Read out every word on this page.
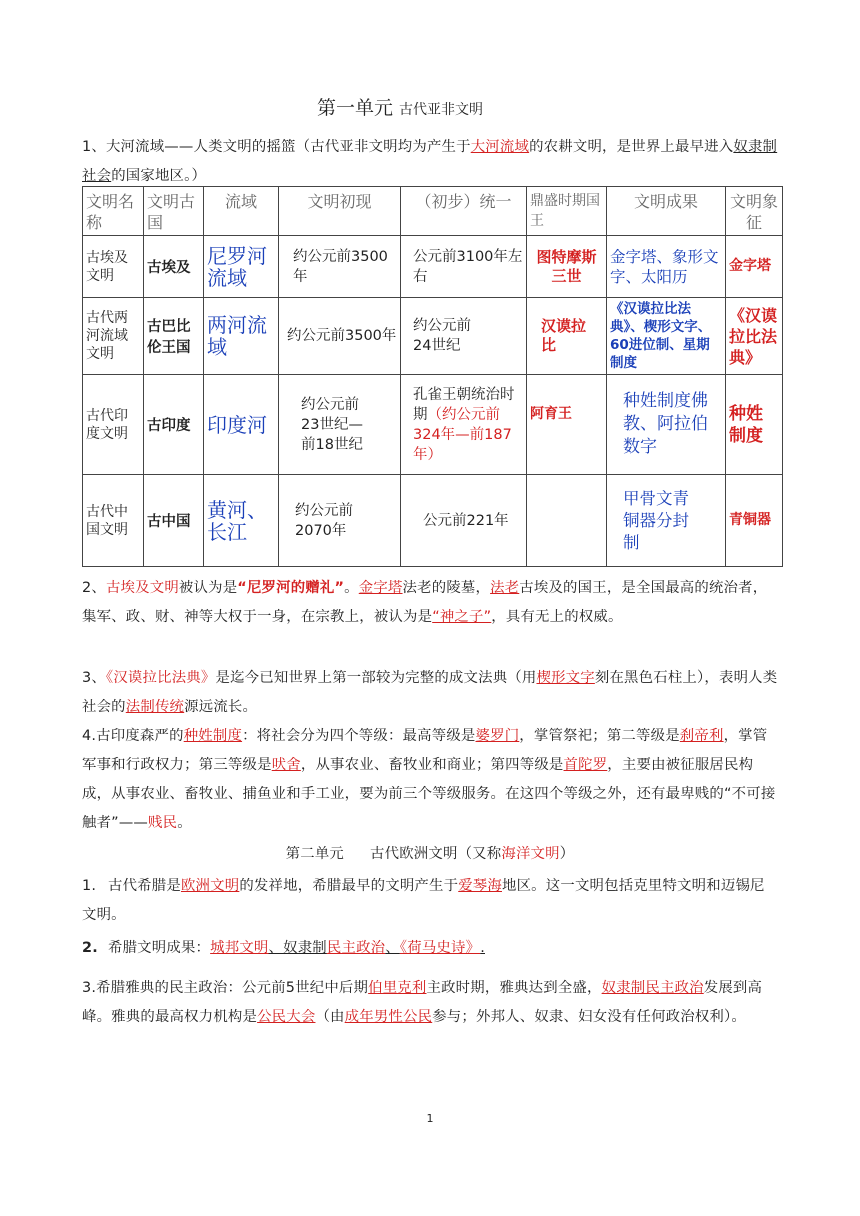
第一单元 古代亚非文明
1、大河流域——人类文明的摇篮（古代亚非文明均为产生于大河流域的农耕文明，是世界上最早进入奴隶制社会的国家地区。）
文明名称	文明古国	流域	文明初现	（初步）统一	鼎盛时期国王	文明成果	文明象征
古埃及文明	古埃及	尼罗河流域	约公元前3500年	公元前3100年左右	图特摩斯三世	金字塔、象形文字、太阳历	金字塔
古代两河流域文明	古巴比伦王国	两河流域	约公元前3500年	约公元前24世纪	汉谟拉比	《汉谟拉比法典》、楔形文字、60进位制、星期制度	《汉谟拉比法典》
古代印度文明	古印度	印度河	约公元前23世纪—前18世纪	孔雀王朝统治时期（约公元前324年—前187年）	阿育王	种姓制度佛教、阿拉伯数字	种姓制度
古代中国文明	古中国	黄河、长江	约公元前2070年	公元前221年		甲骨文青铜器分封制	青铜器
2、古埃及文明被认为是“尼罗河的赠礼”。金字塔法老的陵墓，法老古埃及的国王，是全国最高的统治者，集军、政、财、神等大权于一身，在宗教上，被认为是“神之子”，具有无上的权威。
3、《汉谟拉比法典》是迄今已知世界上第一部较为完整的成文法典（用楔形文字刻在黑色石柱上），表明人类社会的法制传统源远流长。
4.古印度森严的种姓制度：将社会分为四个等级：最高等级是婆罗门，掌管祭祀；第二等级是刹帝利，掌管军事和行政权力；第三等级是吠舍，从事农业、畜牧业和商业；第四等级是首陀罗，主要由被征服居民构成，从事农业、畜牧业、捕鱼业和手工业，要为前三个等级服务。在这四个等级之外，还有最卑贱的“不可接触者”——贱民。
第二单元 古代欧洲文明（又称海洋文明）
1. 古代希腊是欧洲文明的发祥地，希腊最早的文明产生于爱琴海地区。这一文明包括克里特文明和迈锡尼文明。
2. 希腊文明成果：城邦文明、奴隶制民主政治、《荷马史诗》.
3.希腊雅典的民主政治：公元前5世纪中后期伯里克利主政时期，雅典达到全盛，奴隶制民主政治发展到高峰。雅典的最高权力机构是公民大会（由成年男性公民参与；外邦人、奴隶、妇女没有任何政治权利）。
1
